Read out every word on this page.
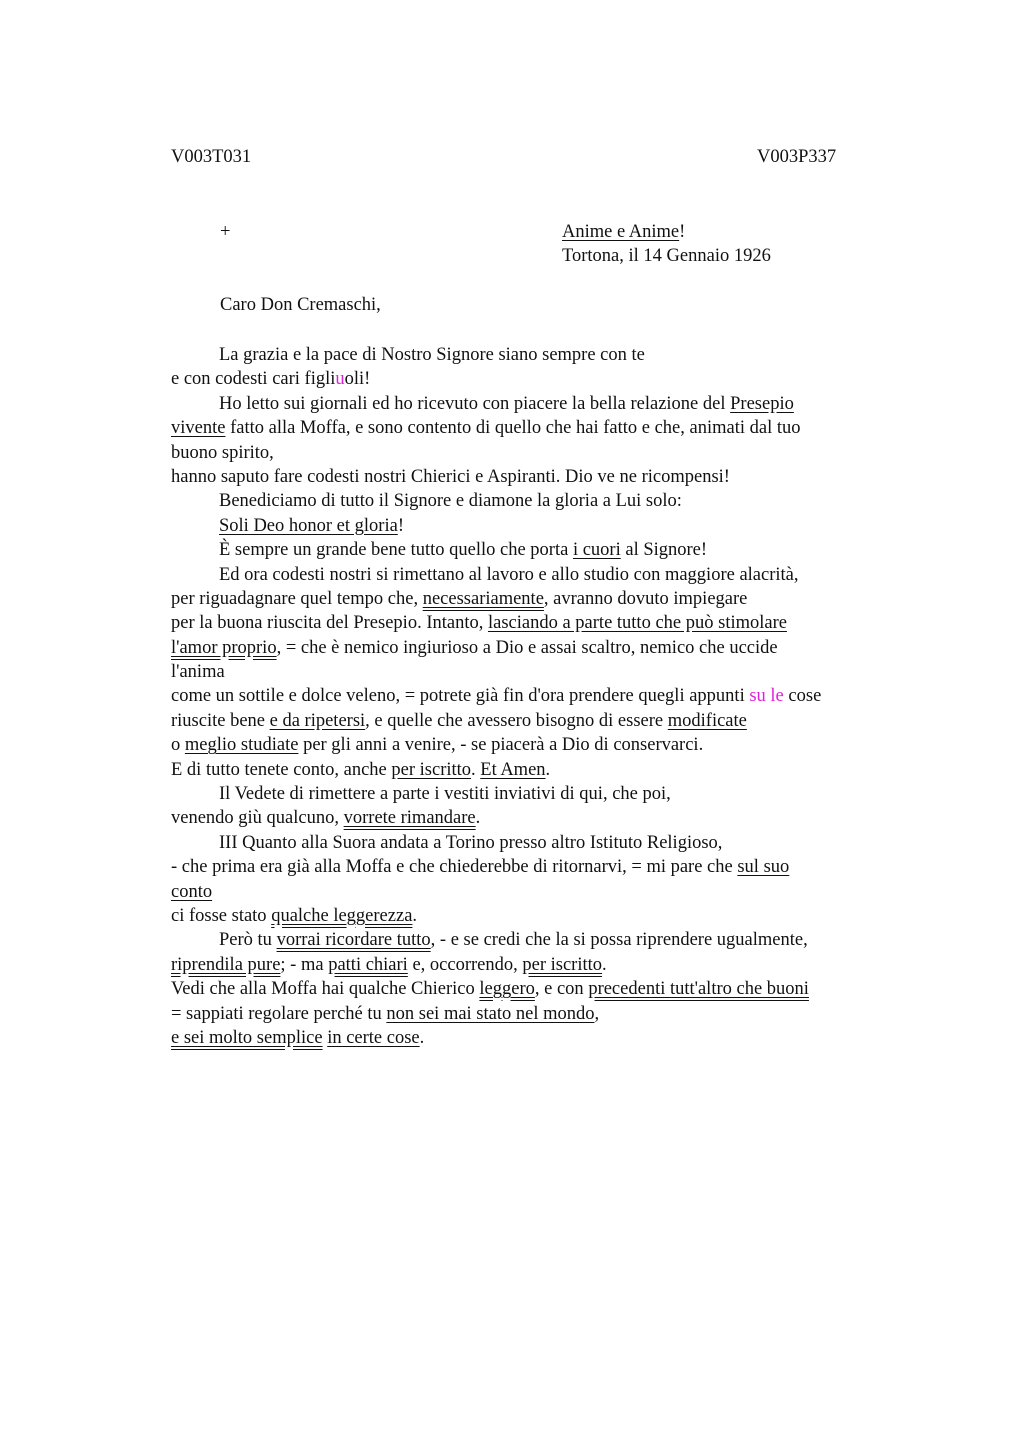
V003T031	V003P337
+	Anime e Anime!
Tortona, il 14 Gennaio 1926
Caro Don Cremaschi,
La grazia e la pace di Nostro Signore siano sempre con te
e con codesti cari figliuoli!
Ho letto sui giornali ed ho ricevuto con piacere la bella relazione del Presepio
vivente fatto alla Moffa, e sono contento di quello che hai fatto e che, animati dal tuo
buono spirito,
hanno saputo fare codesti nostri Chierici e Aspiranti. Dio ve ne ricompensi!
Benediciamo di tutto il Signore e diamone la gloria a Lui solo:
Soli Deo honor et gloria!
È sempre un grande bene tutto quello che porta i cuori al Signore!
Ed ora codesti nostri si rimettano al lavoro e allo studio con maggiore alacrità,
per riguadagnare quel tempo che, necessariamente, avranno dovuto impiegare
per la buona riuscita del Presepio. Intanto, lasciando a parte tutto che può stimolare
l'amor proprio, = che è nemico ingiurioso a Dio e assai scaltro, nemico che uccide
l'anima
come un sottile e dolce veleno, = potrete già fin d'ora prendere quegli appunti su le cose
riuscite bene e da ripetersi, e quelle che avessero bisogno di essere modificate
o meglio studiate per gli anni a venire, - se piacerà a Dio di conservarci.
E di tutto tenete conto, anche per iscritto. Et Amen.
Il Vedete di rimettere a parte i vestiti inviativi di qui, che poi,
venendo giù qualcuno, vorrete rimandare.
III Quanto alla Suora andata a Torino presso altro Istituto Religioso,
- che prima era già alla Moffa e che chiederebbe di ritornarvi, = mi pare che sul suo
conto
ci fosse stato qualche leggerezza.
Però tu vorrai ricordare tutto, - e se credi che la si possa riprendere ugualmente,
riprendila pure; - ma patti chiari e, occorrendo, per iscritto.
Vedi che alla Moffa hai qualche Chierico leggero, e con precedenti tutt'altro che buoni
= sappiati regolare perché tu non sei mai stato nel mondo,
e sei molto semplice in certe cose.
